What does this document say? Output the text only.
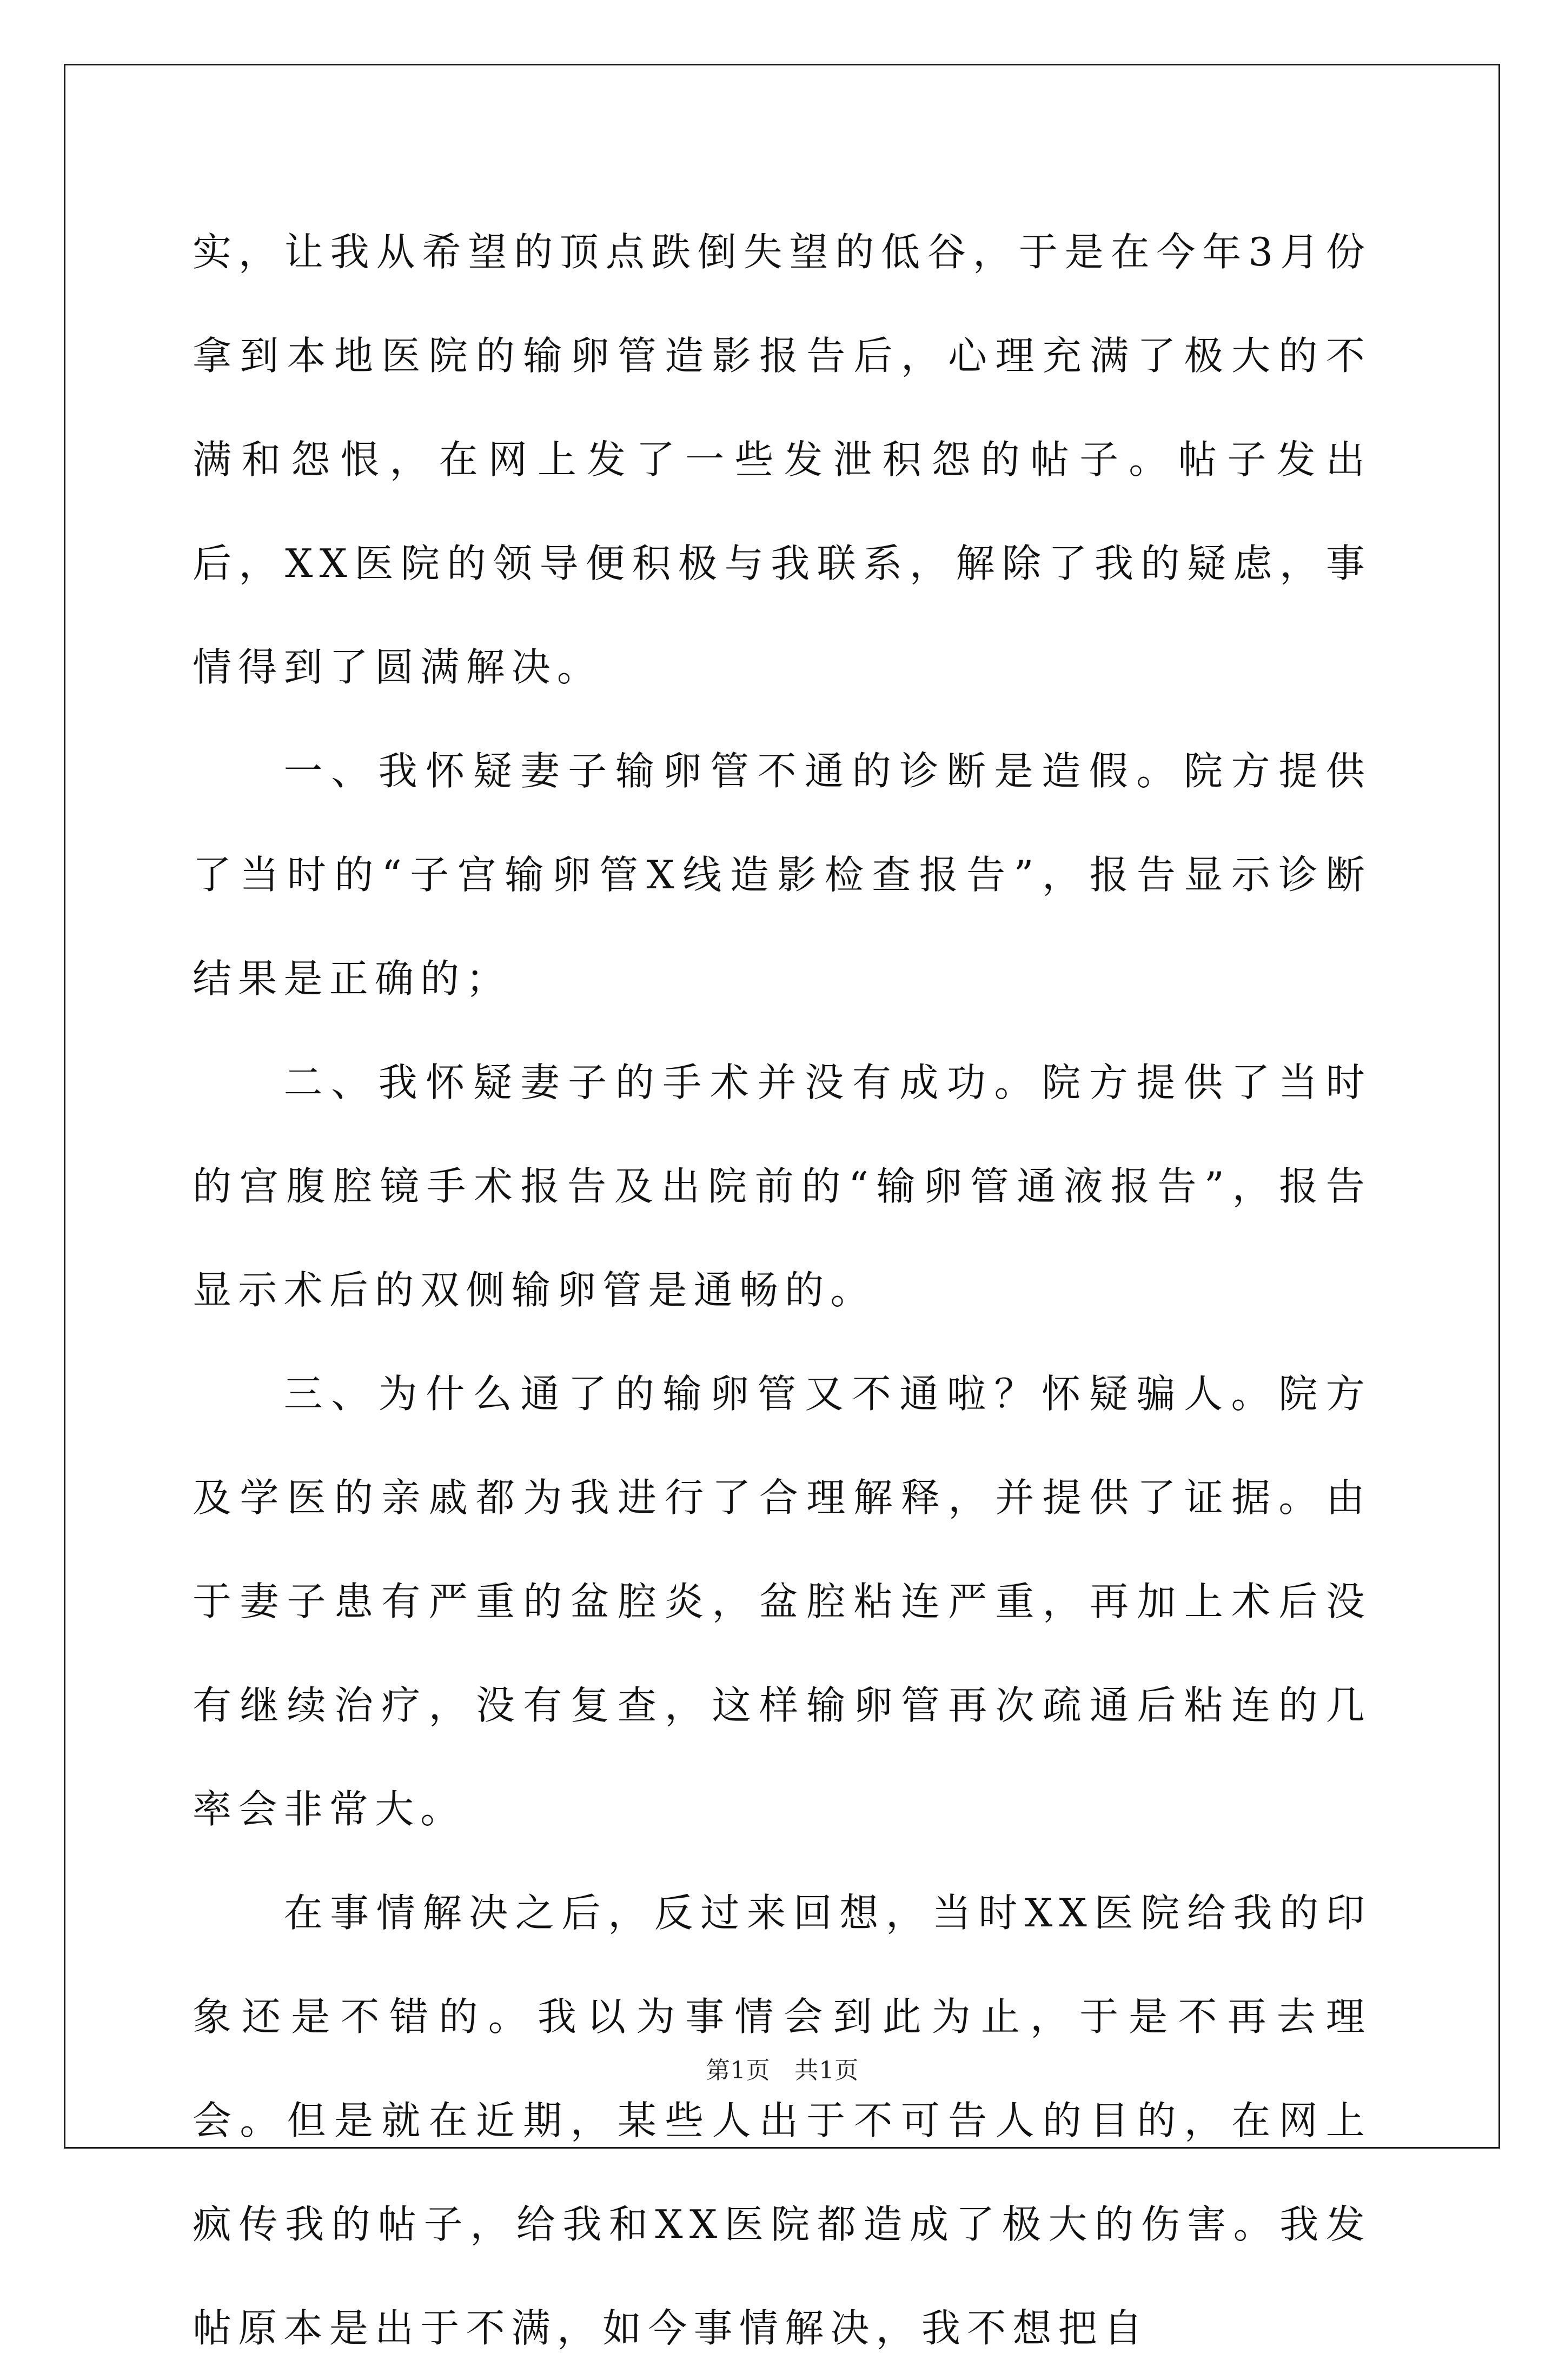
实，让我从希望的顶点跌倒失望的低谷，于是在今年3月份拿到本地医院的输卵管造影报告后，心理充满了极大的不满和怨恨，在网上发了一些发泄积怨的帖子。帖子发出后，XX医院的领导便积极与我联系，解除了我的疑虑，事情得到了圆满解决。

一、我怀疑妻子输卵管不通的诊断是造假。院方提供了当时的“子宫输卵管X线造影检查报告”，报告显示诊断结果是正确的；

二、我怀疑妻子的手术并没有成功。院方提供了当时的宫腹腔镜手术报告及出院前的“输卵管通液报告”，报告显示术后的双侧输卵管是通畅的。

三、为什么通了的输卵管又不通啦？怀疑骗人。院方及学医的亲戚都为我进行了合理解释，并提供了证据。由于妻子患有严重的盆腔炎，盆腔粘连严重，再加上术后没有继续治疗，没有复查，这样输卵管再次疏通后粘连的几率会非常大。

在事情解决之后，反过来回想，当时XX医院给我的印象还是不错的。我以为事情会到此为止，于是不再去理会。但是就在近期，某些人出于不可告人的目的，在网上疯传我的帖子，给我和XX医院都造成了极大的伤害。我发帖原本是出于不满，如今事情解决，我不想把自

第1页　共1页
